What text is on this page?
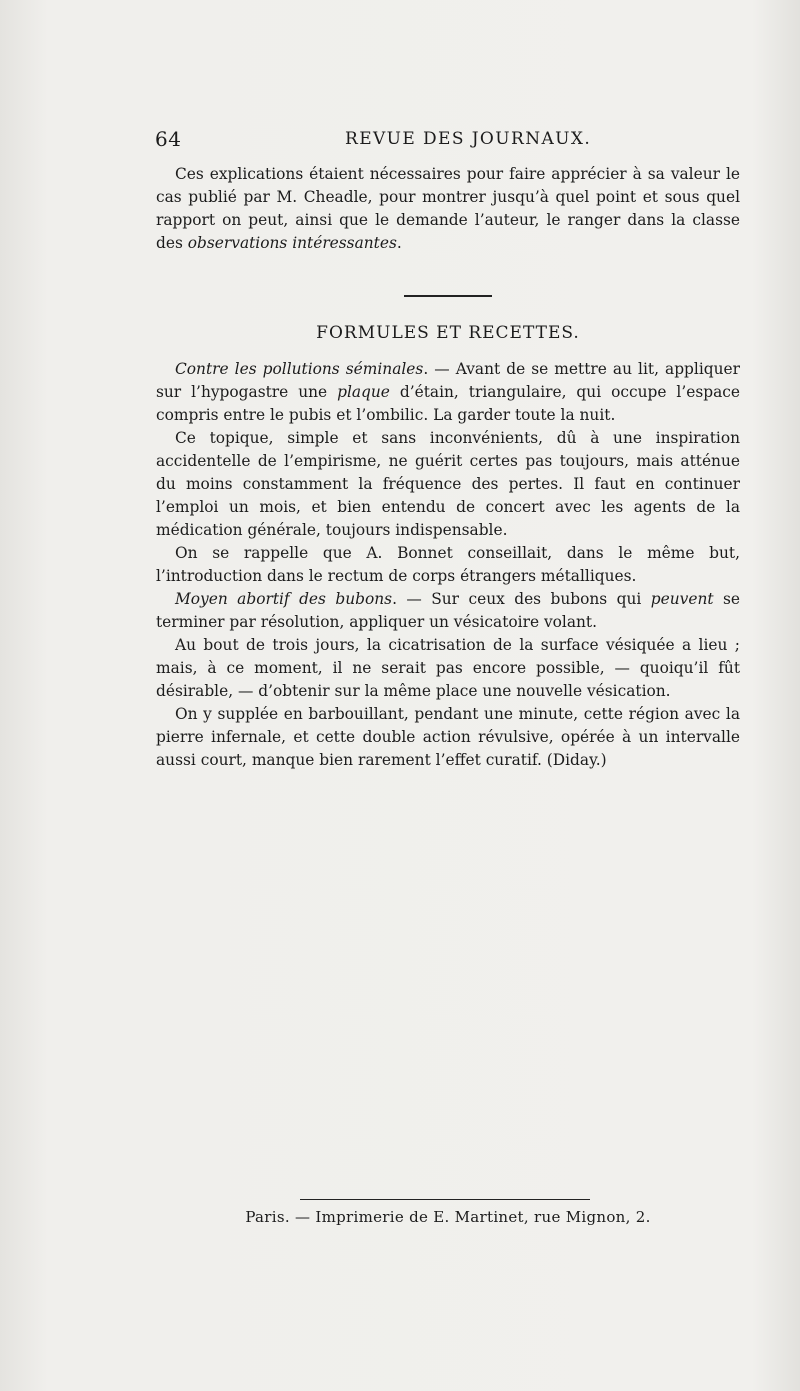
64	REVUE DES JOURNAUX.

Ces explications étaient nécessaires pour faire apprécier à sa valeur le cas publié par M. Cheadle, pour montrer jusqu’à quel point et sous quel rapport on peut, ainsi que le demande l’auteur, le ranger dans la classe des observations intéressantes.

FORMULES ET RECETTES.

Contre les pollutions séminales. — Avant de se mettre au lit, appliquer sur l’hypogastre une plaque d’étain, triangulaire, qui occupe l’espace compris entre le pubis et l’ombilic. La garder toute la nuit.

Ce topique, simple et sans inconvénients, dû à une inspiration accidentelle de l’empirisme, ne guérit certes pas toujours, mais atténue du moins constamment la fréquence des pertes. Il faut en continuer l’emploi un mois, et bien entendu de concert avec les agents de la médication générale, toujours indispensable.

On se rappelle que A. Bonnet conseillait, dans le même but, l’introduction dans le rectum de corps étrangers métalliques.

Moyen abortif des bubons. — Sur ceux des bubons qui peuvent se terminer par résolution, appliquer un vésicatoire volant.

Au bout de trois jours, la cicatrisation de la surface vésiquée a lieu ; mais, à ce moment, il ne serait pas encore possible, — quoiqu’il fût désirable, — d’obtenir sur la même place une nouvelle vésication.

On y supplée en barbouillant, pendant une minute, cette région avec la pierre infernale, et cette double action révulsive, opérée à un intervalle aussi court, manque bien rarement l’effet curatif. (Diday.)

Paris. — Imprimerie de E. Martinet, rue Mignon, 2.
